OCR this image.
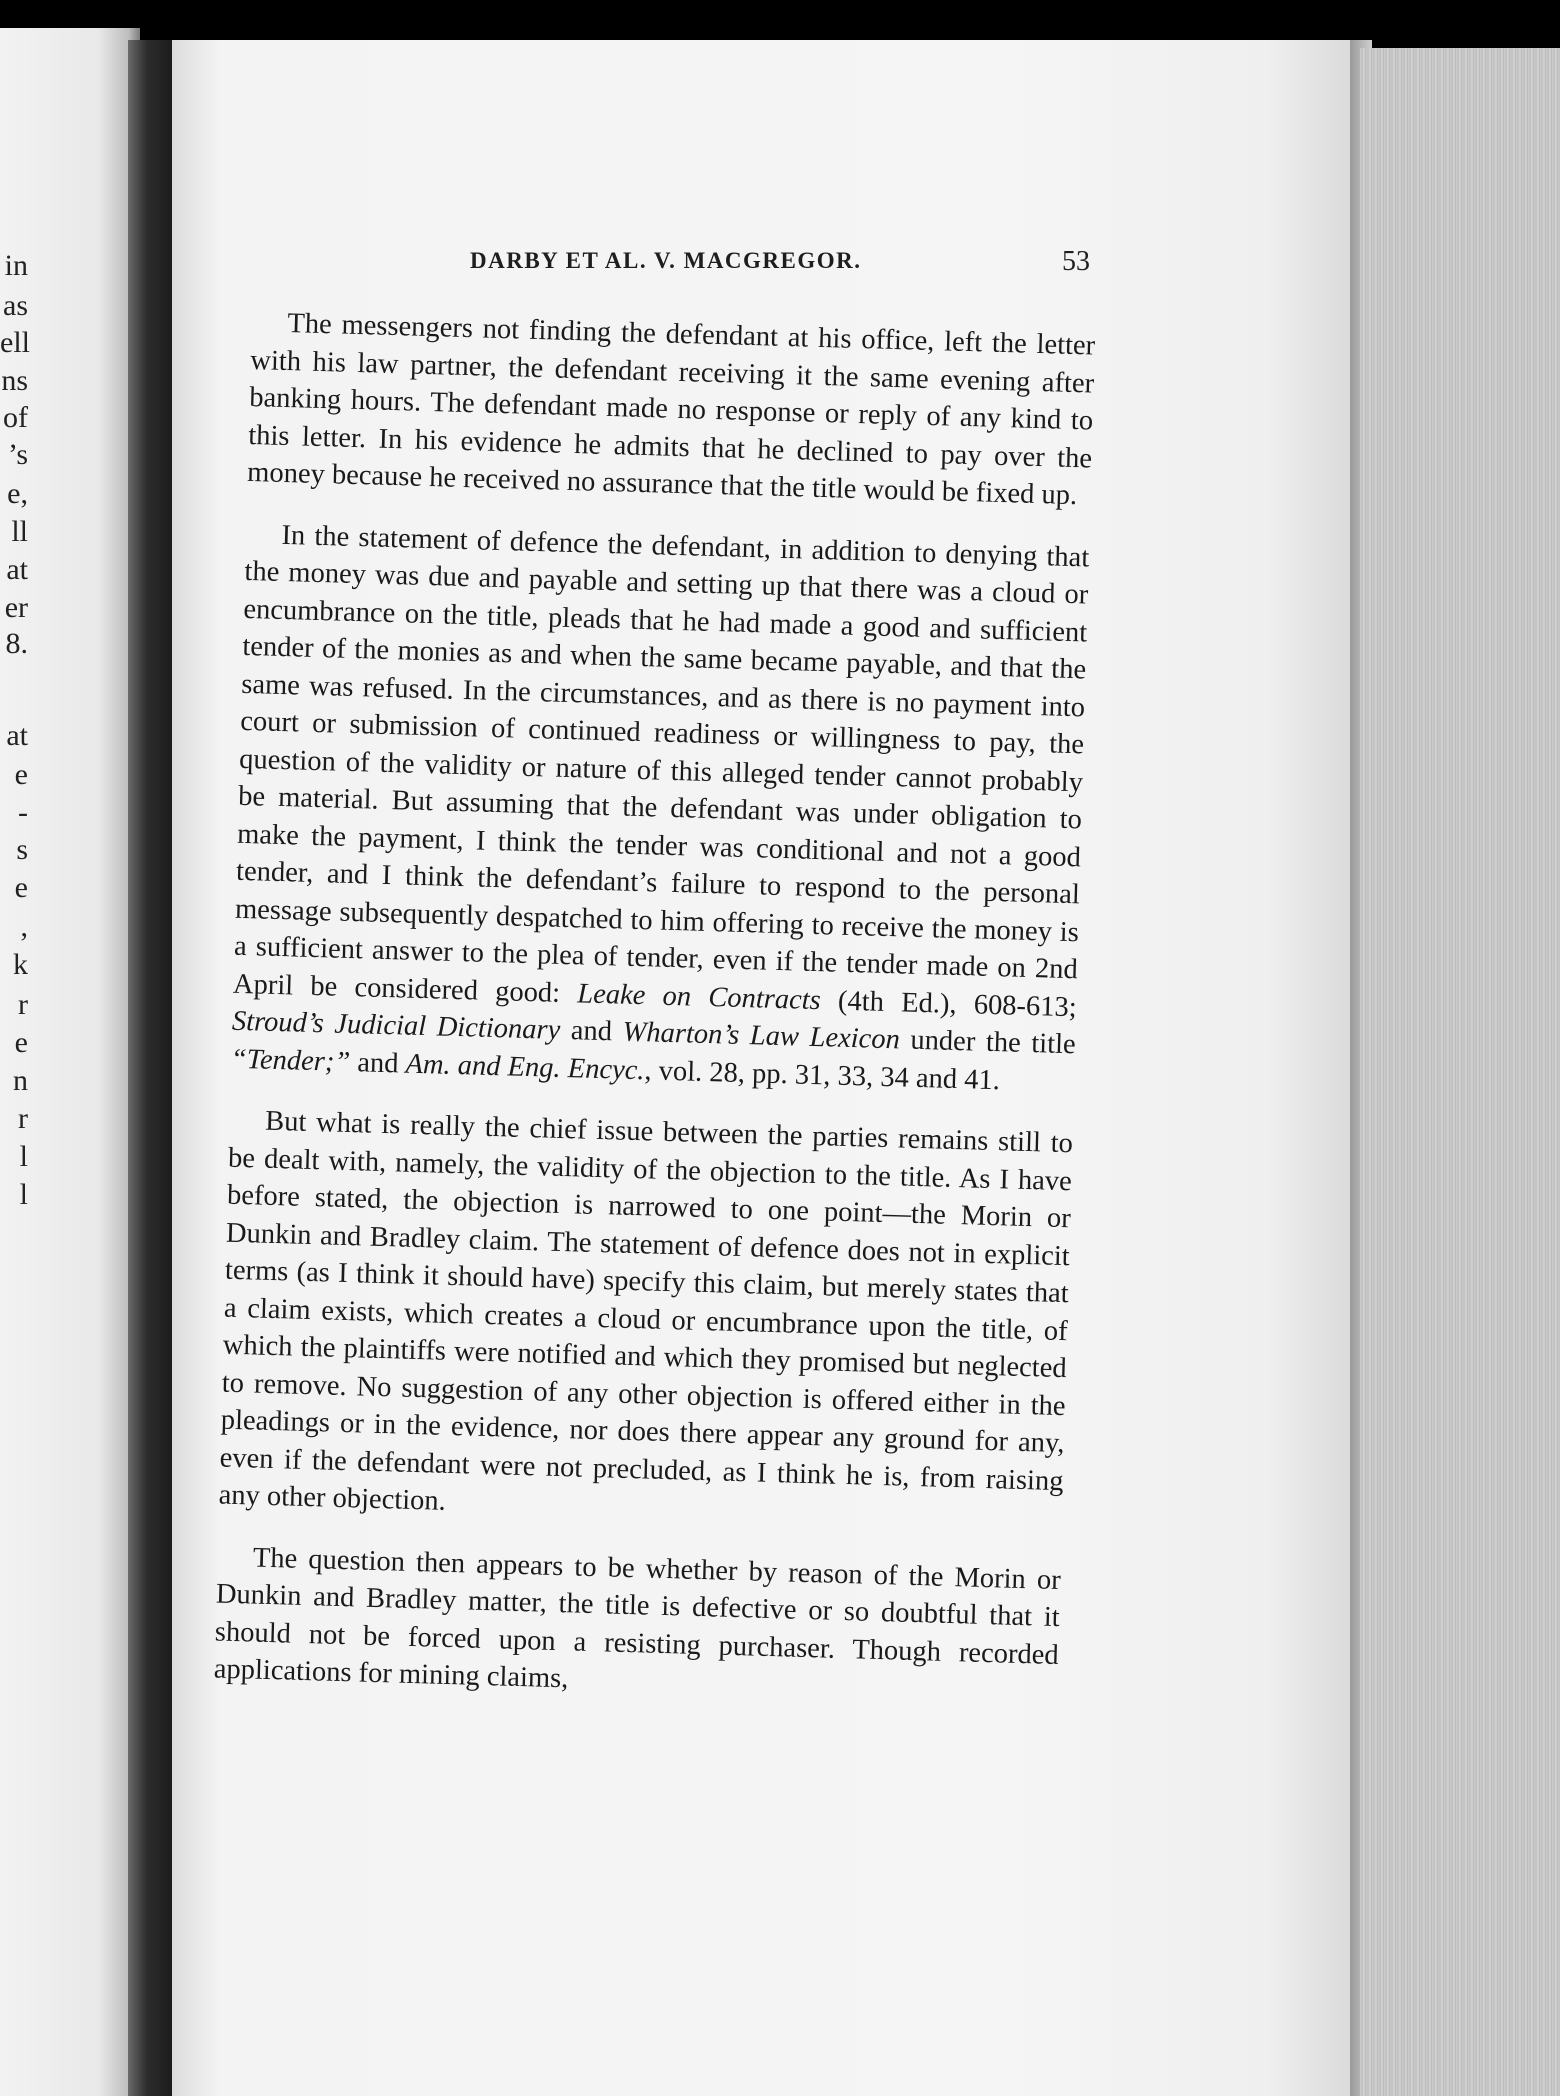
in
as
ell
ns
of
’s
e,
ll
at
er
8.
at
e
-
s
e
,
k
r
e
n
r
l
l
DARBY ET AL. V. MACGREGOR.	53

The messengers not finding the defendant at his office, left the letter with his law partner, the defendant receiving it the same evening after banking hours. The defendant made no response or reply of any kind to this letter. In his evidence he admits that he declined to pay over the money because he received no assurance that the title would be fixed up.

In the statement of defence the defendant, in addition to denying that the money was due and payable and setting up that there was a cloud or encumbrance on the title, pleads that he had made a good and sufficient tender of the monies as and when the same became payable, and that the same was refused. In the circumstances, and as there is no payment into court or submission of continued readiness or willingness to pay, the question of the validity or nature of this alleged tender cannot probably be material. But assuming that the defendant was under obligation to make the payment, I think the tender was conditional and not a good tender, and I think the defendant’s failure to respond to the personal message subsequently despatched to him offering to receive the money is a sufficient answer to the plea of tender, even if the tender made on 2nd April be considered good: Leake on Contracts (4th Ed.), 608-613; Stroud’s Judicial Dictionary and Wharton’s Law Lexicon under the title “Tender;” and Am. and Eng. Encyc., vol. 28, pp. 31, 33, 34 and 41.

But what is really the chief issue between the parties remains still to be dealt with, namely, the validity of the objection to the title. As I have before stated, the objection is narrowed to one point—the Morin or Dunkin and Bradley claim. The statement of defence does not in explicit terms (as I think it should have) specify this claim, but merely states that a claim exists, which creates a cloud or encumbrance upon the title, of which the plaintiffs were notified and which they promised but neglected to remove. No suggestion of any other objection is offered either in the pleadings or in the evidence, nor does there appear any ground for any, even if the defendant were not precluded, as I think he is, from raising any other objection.

The question then appears to be whether by reason of the Morin or Dunkin and Bradley matter, the title is defective or so doubtful that it should not be forced upon a resisting purchaser. Though recorded applications for mining claims,
